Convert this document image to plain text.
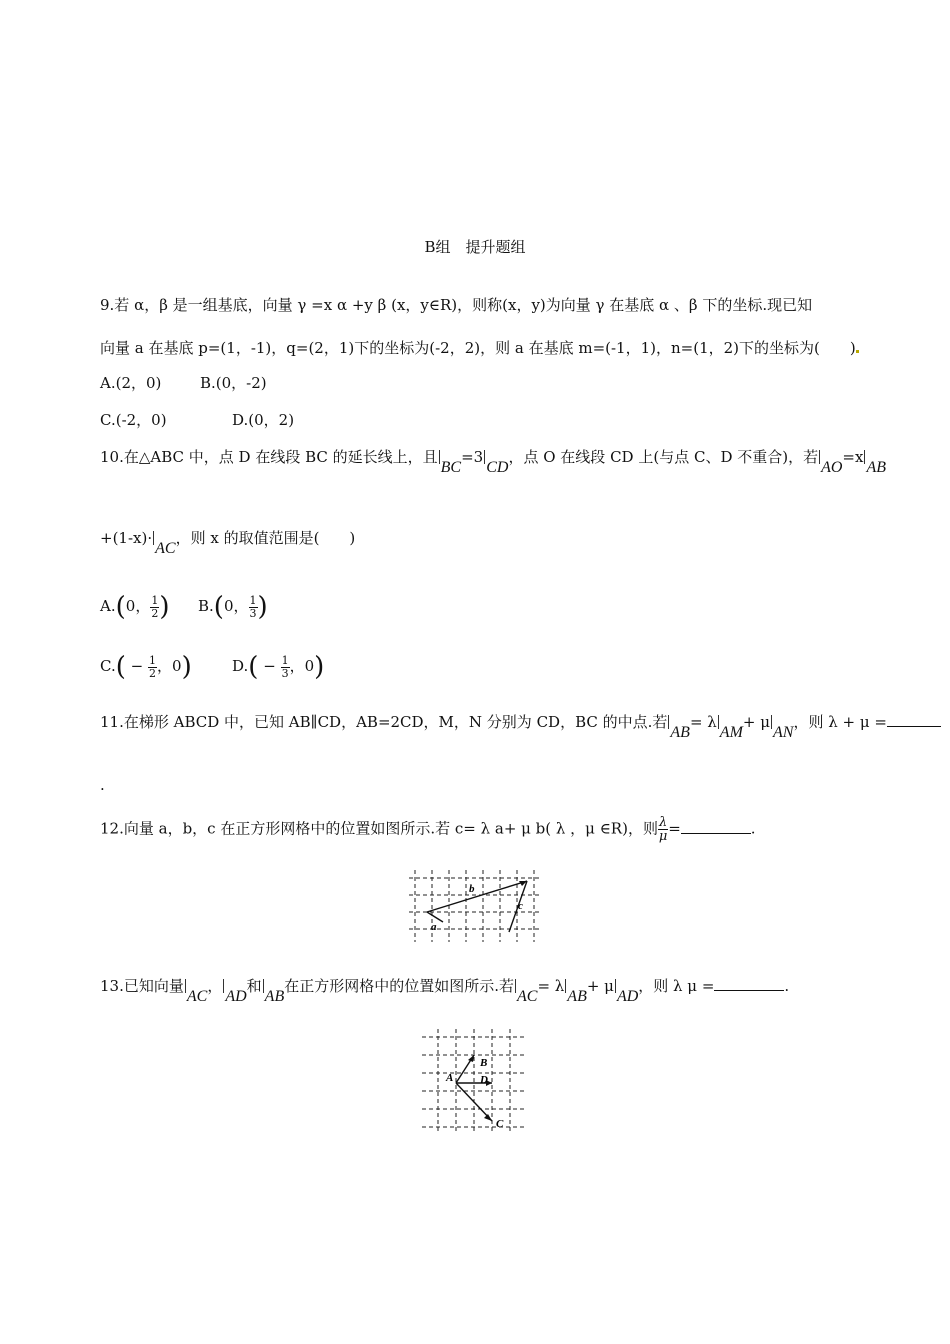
B组　提升题组
9.若 α，β 是一组基底，向量 γ =x α +y β (x，y∈R)，则称(x，y)为向量 γ 在基底 α 、β 下的坐标.现已知
向量 a 在基底 p=(1，-1)，q=(2，1)下的坐标为(-2，2)，则 a 在基底 m=(-1，1)，n=(1，2)下的坐标为(　　)
A.(2，0)	B.(0，-2)
C.(-2，0)	D.(0，2)
10.在△ABC 中，点 D 在线段 BC 的延长线上，且BC=3CD，点 O 在线段 CD 上(与点 C、D 不重合)，若AO=xAB
+(1-x)·AC，则 x 的取值范围是(　　)
A.(0， $\frac{1}{2}$ ) B.(0， $\frac{1}{3}$ )
$C.( - \frac{1}{2}$ ，0)	$D.( - \frac{1}{3}$ ，0)
11.在梯形 ABCD 中，已知 AB∥CD，AB=2CD，M，N 分别为 CD，BC 的中点.若AB= λAM+ μAN，则 λ + μ =
.
12.向量 a，b，c 在正方形网格中的位置如图所示.若 c= λ a+ μ b( λ ，μ ∈R)，则 $\frac{\lambda}{\mu}$ =	.
b
a
c
13.已知向量AC，AD和AB在正方形网格中的位置如图所示.若AC= λAB+ μAD，则 λ μ =	.
A
B
D
C
